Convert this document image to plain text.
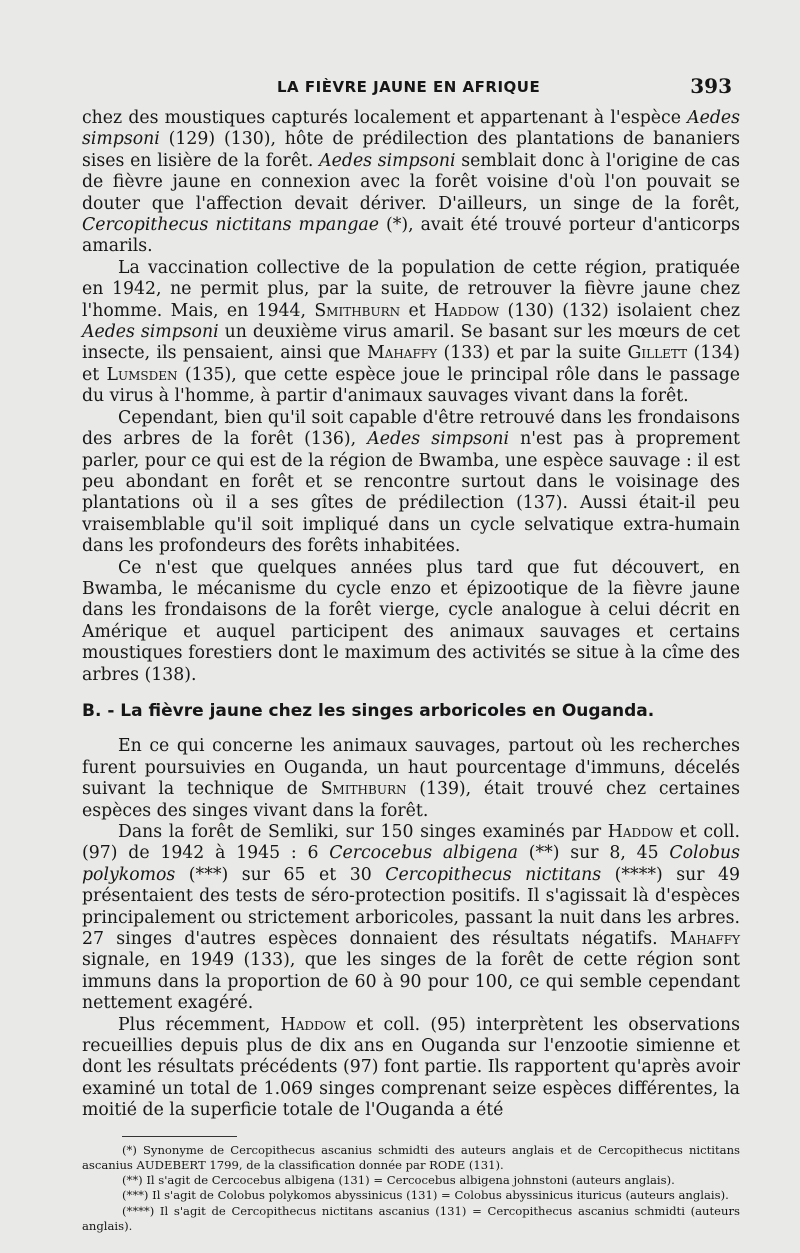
LA FIÈVRE JAUNE EN AFRIQUE	393

chez des moustiques capturés localement et appartenant à l'espèce Aedes simpsoni (129) (130), hôte de prédilection des plantations de bananiers sises en lisière de la forêt. Aedes simpsoni semblait donc à l'origine de cas de fièvre jaune en connexion avec la forêt voisine d'où l'on pouvait se douter que l'affection devait dériver. D'ailleurs, un singe de la forêt, Cercopithecus nictitans mpangae (*), avait été trouvé porteur d'anticorps amarils.

La vaccination collective de la population de cette région, pratiquée en 1942, ne permit plus, par la suite, de retrouver la fièvre jaune chez l'homme. Mais, en 1944, Smithburn et Haddow (130) (132) isolaient chez Aedes simpsoni un deuxième virus amaril. Se basant sur les mœurs de cet insecte, ils pensaient, ainsi que Mahaffy (133) et par la suite Gillett (134) et Lumsden (135), que cette espèce joue le principal rôle dans le passage du virus à l'homme, à partir d'animaux sauvages vivant dans la forêt.

Cependant, bien qu'il soit capable d'être retrouvé dans les frondaisons des arbres de la forêt (136), Aedes simpsoni n'est pas à proprement parler, pour ce qui est de la région de Bwamba, une espèce sauvage : il est peu abondant en forêt et se rencontre surtout dans le voisinage des plantations où il a ses gîtes de prédilection (137). Aussi était-il peu vraisemblable qu'il soit impliqué dans un cycle selvatique extra-humain dans les profondeurs des forêts inhabitées.

Ce n'est que quelques années plus tard que fut découvert, en Bwamba, le mécanisme du cycle enzo et épizootique de la fièvre jaune dans les frondaisons de la forêt vierge, cycle analogue à celui décrit en Amérique et auquel participent des animaux sauvages et certains moustiques forestiers dont le maximum des activités se situe à la cîme des arbres (138).

B. - La fièvre jaune chez les singes arboricoles en Ouganda.

En ce qui concerne les animaux sauvages, partout où les recherches furent poursuivies en Ouganda, un haut pourcentage d'immuns, décelés suivant la technique de Smithburn (139), était trouvé chez certaines espèces des singes vivant dans la forêt.

Dans la forêt de Semliki, sur 150 singes examinés par Haddow et coll. (97) de 1942 à 1945 : 6 Cercocebus albigena (**) sur 8, 45 Colobus polykomos (***) sur 65 et 30 Cercopithecus nictitans (****) sur 49 présentaient des tests de séro-protection positifs. Il s'agissait là d'espèces principalement ou strictement arboricoles, passant la nuit dans les arbres. 27 singes d'autres espèces donnaient des résultats négatifs. Mahaffy signale, en 1949 (133), que les singes de la forêt de cette région sont immuns dans la proportion de 60 à 90 pour 100, ce qui semble cependant nettement exagéré.

Plus récemment, Haddow et coll. (95) interprètent les observations recueillies depuis plus de dix ans en Ouganda sur l'enzootie simienne et dont les résultats précédents (97) font partie. Ils rapportent qu'après avoir examiné un total de 1.069 singes comprenant seize espèces différentes, la moitié de la superficie totale de l'Ouganda a été

(*) Synonyme de Cercopithecus ascanius schmidti des auteurs anglais et de Cercopithecus nictitans ascanius AUDEBERT 1799, de la classification donnée par RODE (131).

(**) Il s'agit de Cercocebus albigena (131) = Cercocebus albigena johnstoni (auteurs anglais).

(***) Il s'agit de Colobus polykomos abyssinicus (131) = Colobus abyssinicus ituricus (auteurs anglais).

(****) Il s'agit de Cercopithecus nictitans ascanius (131) = Cercopithecus ascanius schmidti (auteurs anglais).
